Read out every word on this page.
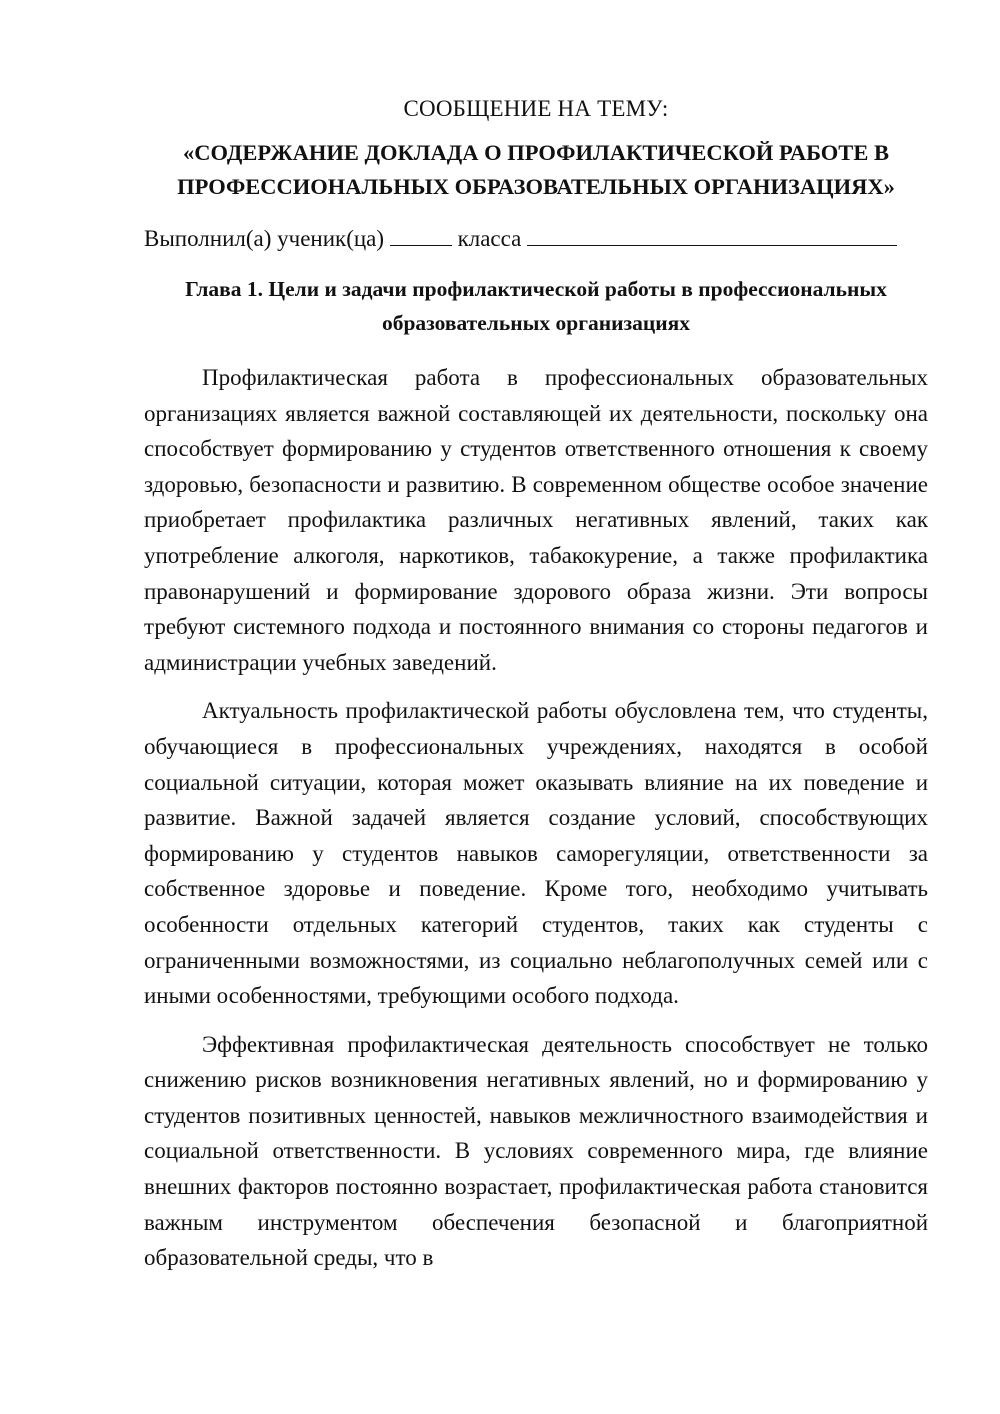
СООБЩЕНИЕ НА ТЕМУ:

«СОДЕРЖАНИЕ ДОКЛАДА О ПРОФИЛАКТИЧЕСКОЙ РАБОТЕ В ПРОФЕССИОНАЛЬНЫХ ОБРАЗОВАТЕЛЬНЫХ ОРГАНИЗАЦИЯХ»

Выполнил(а) ученик(ца)	класса

Глава 1. Цели и задачи профилактической работы в профессиональных образовательных организациях

Профилактическая работа в профессиональных образовательных организациях является важной составляющей их деятельности, поскольку она способствует формированию у студентов ответственного отношения к своему здоровью, безопасности и развитию. В современном обществе особое значение приобретает профилактика различных негативных явлений, таких как употребление алкоголя, наркотиков, табакокурение, а также профилактика правонарушений и формирование здорового образа жизни. Эти вопросы требуют системного подхода и постоянного внимания со стороны педагогов и администрации учебных заведений.

Актуальность профилактической работы обусловлена тем, что студенты, обучающиеся в профессиональных учреждениях, находятся в особой социальной ситуации, которая может оказывать влияние на их поведение и развитие. Важной задачей является создание условий, способствующих формированию у студентов навыков саморегуляции, ответственности за собственное здоровье и поведение. Кроме того, необходимо учитывать особенности отдельных категорий студентов, таких как студенты с ограниченными возможностями, из социально неблагополучных семей или с иными особенностями, требующими особого подхода.

Эффективная профилактическая деятельность способствует не только снижению рисков возникновения негативных явлений, но и формированию у студентов позитивных ценностей, навыков межличностного взаимодействия и социальной ответственности. В условиях современного мира, где влияние внешних факторов постоянно возрастает, профилактическая работа становится важным инструментом обеспечения безопасной и благоприятной образовательной среды, что в
